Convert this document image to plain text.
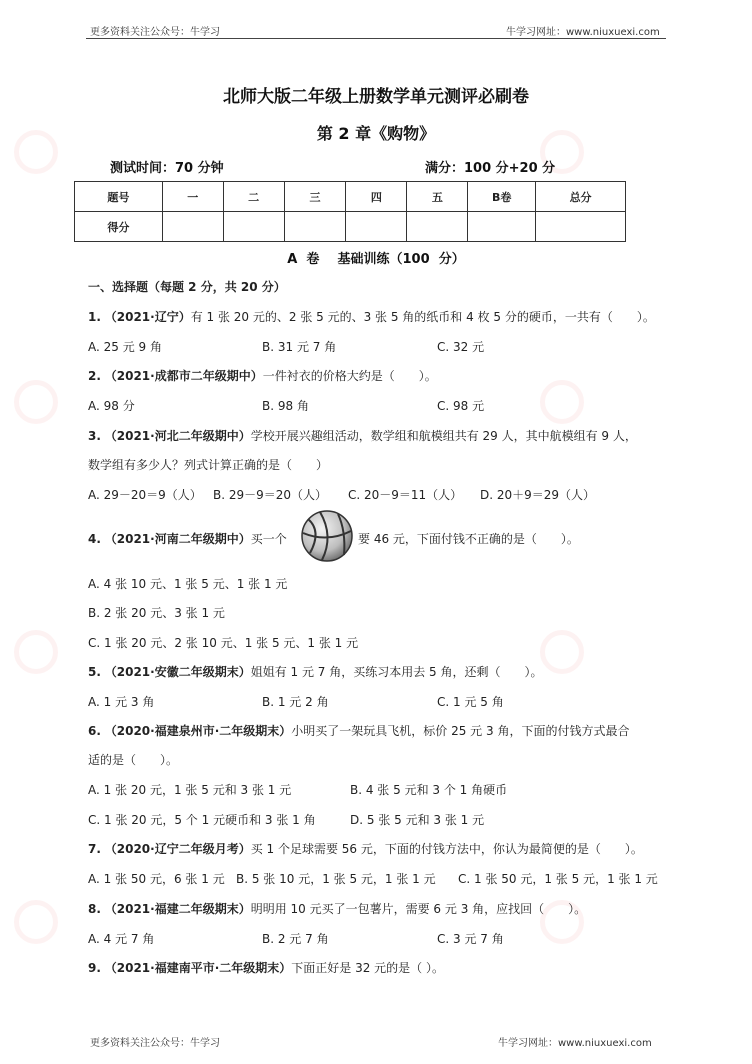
更多资料关注公众号：牛学习	牛学习网址：www.niuxuexi.com
北师大版二年级上册数学单元测评必刷卷
第 2 章《购物》
测试时间：70 分钟	满分：100 分+20 分
题号	一	二	三	四	五	B卷	总分
得分							
A  卷    基础训练（100  分）
一、选择题（每题 2 分，共 20 分）
1. （2021·辽宁）有 1 张 20 元的、2 张 5 元的、3 张 5 角的纸币和 4 枚 5 分的硬币，一共有（　　）。
A. 25 元 9 角	B. 31 元 7 角	C. 32 元
2. （2021·成都市二年级期中）一件衬衣的价格大约是（　　）。
A. 98 分	B. 98 角	C. 98 元
3. （2021·河北二年级期中）学校开展兴趣组活动，数学组和航模组共有 29 人，其中航模组有 9 人，
数学组有多少人？列式计算正确的是（　　）
A. 29－20＝9（人） B. 29－9＝20（人） C. 20－9＝11（人） D. 20＋9＝29（人）
4. （2021·河南二年级期中）买一个	要 46 元，下面付钱不正确的是（　　）。
A. 4 张 10 元、1 张 5 元、1 张 1 元
B. 2 张 20 元、3 张 1 元
C. 1 张 20 元、2 张 10 元、1 张 5 元、1 张 1 元
5. （2021·安徽二年级期末）姐姐有 1 元 7 角，买练习本用去 5 角，还剩（　　）。
A. 1 元 3 角	B. 1 元 2 角	C. 1 元 5 角
6. （2020·福建泉州市·二年级期末）小明买了一架玩具飞机，标价 25 元 3 角，下面的付钱方式最合
适的是（　　）。
A. 1 张 20 元，1 张 5 元和 3 张 1 元	B. 4 张 5 元和 3 个 1 角硬币
C. 1 张 20 元，5 个 1 元硬币和 3 张 1 角	D. 5 张 5 元和 3 张 1 元
7. （2020·辽宁二年级月考）买 1 个足球需要 56 元，下面的付钱方法中，你认为最简便的是（　　）。
A. 1 张 50 元，6 张 1 元 B. 5 张 10 元，1 张 5 元，1 张 1 元 C. 1 张 50 元，1 张 5 元，1 张 1 元
8. （2021·福建二年级期末）明明用 10 元买了一包薯片，需要 6 元 3 角，应找回（　　）。
A. 4 元 7 角	B. 2 元 7 角	C. 3 元 7 角
9. （2021·福建南平市·二年级期末）下面正好是 32 元的是（ ）。
更多资料关注公众号：牛学习	牛学习网址：www.niuxuexi.com
